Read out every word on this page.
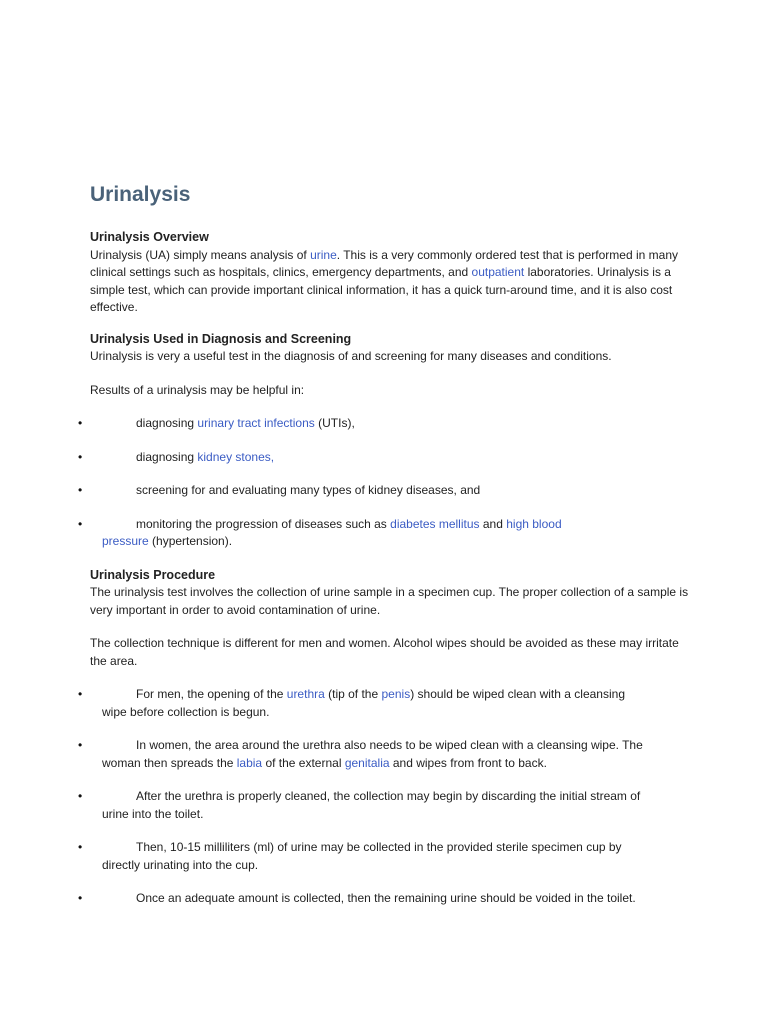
Urinalysis
Urinalysis Overview

Urinalysis (UA) simply means analysis of urine. This is a very commonly ordered test that is performed in many clinical settings such as hospitals, clinics, emergency departments, and outpatient laboratories. Urinalysis is a simple test, which can provide important clinical information, it has a quick turn-around time, and it is also cost effective.

Urinalysis Used in Diagnosis and Screening

Urinalysis is very a useful test in the diagnosis of and screening for many diseases and conditions.

Results of a urinalysis may be helpful in:

•	diagnosing urinary tract infections (UTIs),
•	diagnosing kidney stones,
•	screening for and evaluating many types of kidney diseases, and
•	monitoring the progression of diseases such as diabetes mellitus and high blood
pressure (hypertension).
Urinalysis Procedure

The urinalysis test involves the collection of urine sample in a specimen cup. The proper collection of a sample is very important in order to avoid contamination of urine.

The collection technique is different for men and women. Alcohol wipes should be avoided as these may irritate the area.

•	For men, the opening of the urethra (tip of the penis) should be wiped clean with a cleansing
wipe before collection is begun.
•	In women, the area around the urethra also needs to be wiped clean with a cleansing wipe. The
woman then spreads the labia of the external genitalia and wipes from front to back.
•	After the urethra is properly cleaned, the collection may begin by discarding the initial stream of
urine into the toilet.
•	Then, 10-15 milliliters (ml) of urine may be collected in the provided sterile specimen cup by
directly urinating into the cup.
•	Once an adequate amount is collected, then the remaining urine should be voided in the toilet.
